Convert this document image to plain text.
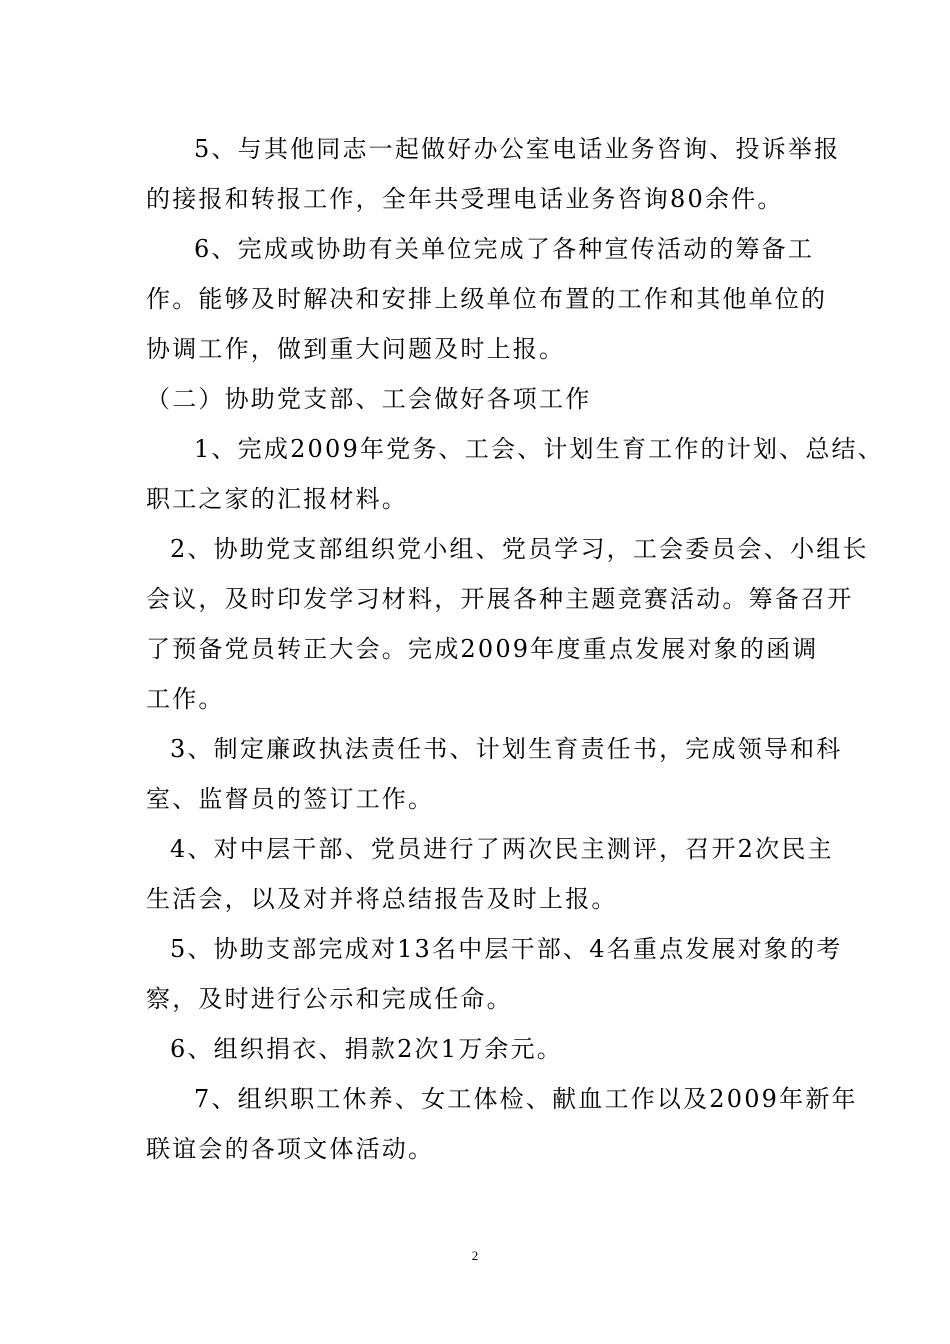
5、与其他同志一起做好办公室电话业务咨询、投诉举报
的接报和转报工作，全年共受理电话业务咨询80余件。
6、完成或协助有关单位完成了各种宣传活动的筹备工
作。能够及时解决和安排上级单位布置的工作和其他单位的
协调工作，做到重大问题及时上报。
（二）协助党支部、工会做好各项工作
1、完成2009年党务、工会、计划生育工作的计划、总结、
职工之家的汇报材料。
2、协助党支部组织党小组、党员学习，工会委员会、小组长
会议，及时印发学习材料，开展各种主题竞赛活动。筹备召开
了预备党员转正大会。完成2009年度重点发展对象的函调
工作。
3、制定廉政执法责任书、计划生育责任书，完成领导和科
室、监督员的签订工作。
4、对中层干部、党员进行了两次民主测评，召开2次民主
生活会，以及对并将总结报告及时上报。
5、协助支部完成对13名中层干部、4名重点发展对象的考
察，及时进行公示和完成任命。
6、组织捐衣、捐款2次1万余元。
7、组织职工休养、女工体检、献血工作以及2009年新年
联谊会的各项文体活动。
2
